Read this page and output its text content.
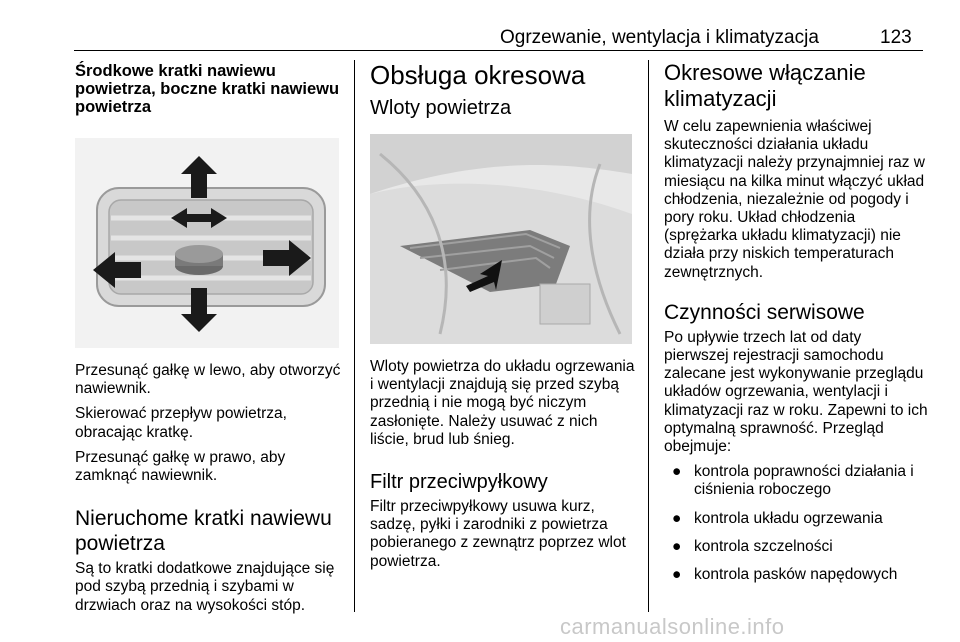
Ogrzewanie, wentylacja i klimatyzacja	123
Środkowe kratki nawiewu powietrza, boczne kratki nawiewu powietrza

Przesunąć gałkę w lewo, aby otworzyć nawiewnik.

Skierować przepływ powietrza, obracając kratkę.

Przesunąć gałkę w prawo, aby zamknąć nawiewnik.

Nieruchome kratki nawiewu powietrza

Są to kratki dodatkowe znajdujące się pod szybą przednią i szybami w drzwiach oraz na wysokości stóp.

Obsługa okresowa
Wloty powietrza

Wloty powietrza do układu ogrzewania i wentylacji znajdują się przed szybą przednią i nie mogą być niczym zasłonięte. Należy usuwać z nich liście, brud lub śnieg.

Filtr przeciwpyłkowy

Filtr przeciwpyłkowy usuwa kurz, sadzę, pyłki i zarodniki z powietrza pobieranego z zewnątrz poprzez wlot powietrza.

Okresowe włączanie klimatyzacji

W celu zapewnienia właściwej skuteczności działania układu klimatyzacji należy przynajmniej raz w miesiącu na kilka minut włączyć układ chłodzenia, niezależnie od pogody i pory roku. Układ chłodzenia (sprężarka układu klimatyzacji) nie działa przy niskich temperaturach zewnętrznych.

Czynności serwisowe

Po upływie trzech lat od daty pierwszej rejestracji samochodu zalecane jest wykonywanie przeglądu układów ogrzewania, wentylacji i klimatyzacji raz w roku. Zapewni to ich optymalną sprawność. Przegląd obejmuje:

● kontrola poprawności działania i ciśnienia roboczego
● kontrola układu ogrzewania
● kontrola szczelności
● kontrola pasków napędowych
carmanualsonline.info
